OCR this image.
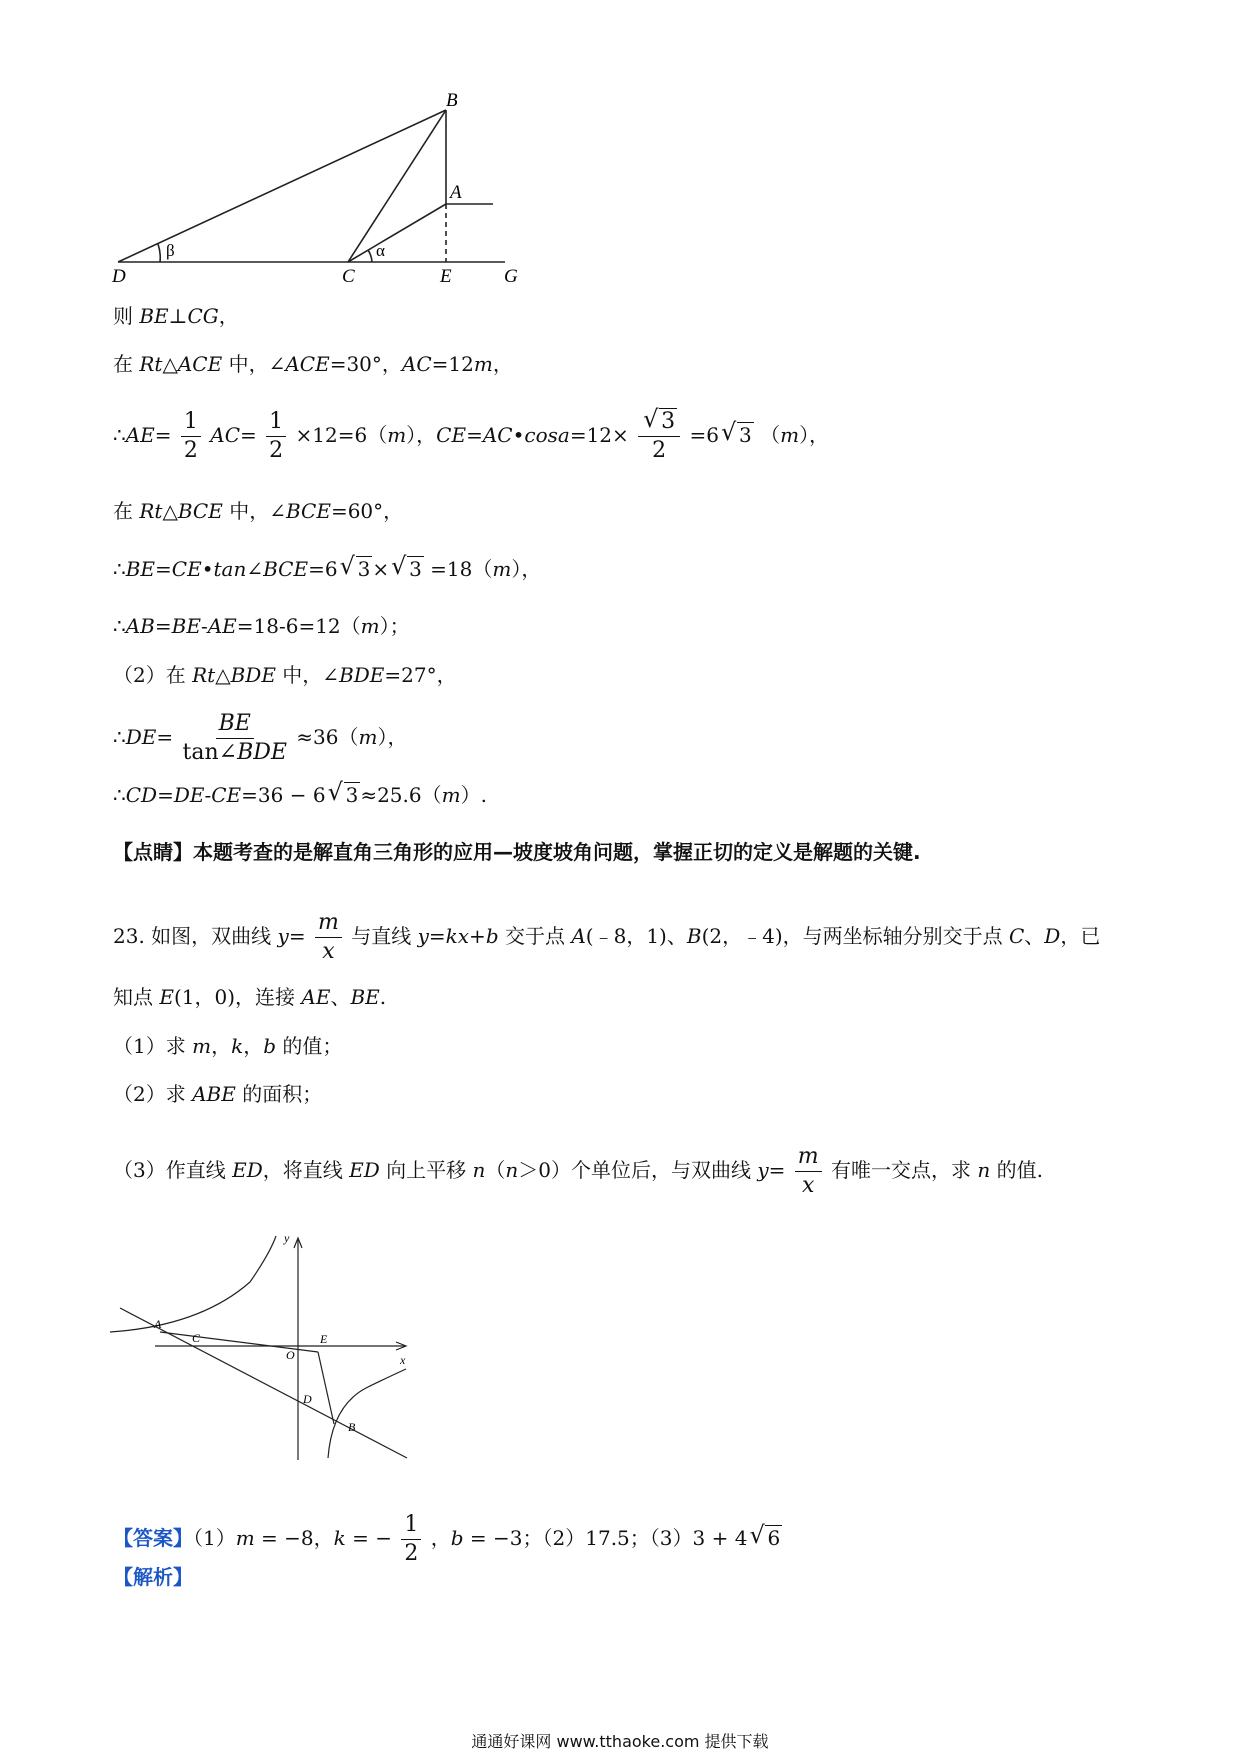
B
A
D	C	E	G
β	α
则 BE⊥CG，
在 Rt△ACE 中，∠ACE=30°，AC=12m，
∴AE= $\frac{1}{2} AC= \frac{1}{2} \times 12=6(m)$，CE=AC•cosa=12×
√ $\frac{3}{2} =6√$ 3 （m），
在 Rt△BCE 中，∠BCE=60°，
∴BE=CE•tan∠BCE=6√ 3 ×√ 3 =18（m），
∴AB=BE-AE=18-6=12（m）；
（2）在 Rt△BDE 中，∠BDE=27°，
∴DE= $\frac{BE}{\text{tan∠BDE}} \approx 36(m)$，
∴CD=DE-CE=36 − 6√ 3 ≈25.6（m）.
【点睛】本题考查的是解直角三角形的应用—坡度坡角问题，掌握正切的定义是解题的关键.
23. 如图，双曲线 $y= \frac{m}{x}$ 与直线 y=kx+b 交于点 A(﹣8，1)、B(2，﹣4)，与两坐标轴分别交于点 C、D，已
知点 E(1，0)，连接 AE、BE.
（1）求 m，k，b 的值；
（2）求 ABE 的面积；
（3）作直线 ED，将直线 ED 向上平移 n（n＞0）个单位后，与双曲线 $y= \frac{m}{x}$ 有唯一交点，求 n 的值.
y
x
A
C	E
O
D
B
【答案】（1）m = −8，k = − $\frac{1}{2}$ ，b = −3；（2）17.5；（3）3 + 4√ 6
【解析】
通通好课网 www.tthaoke.com 提供下载
